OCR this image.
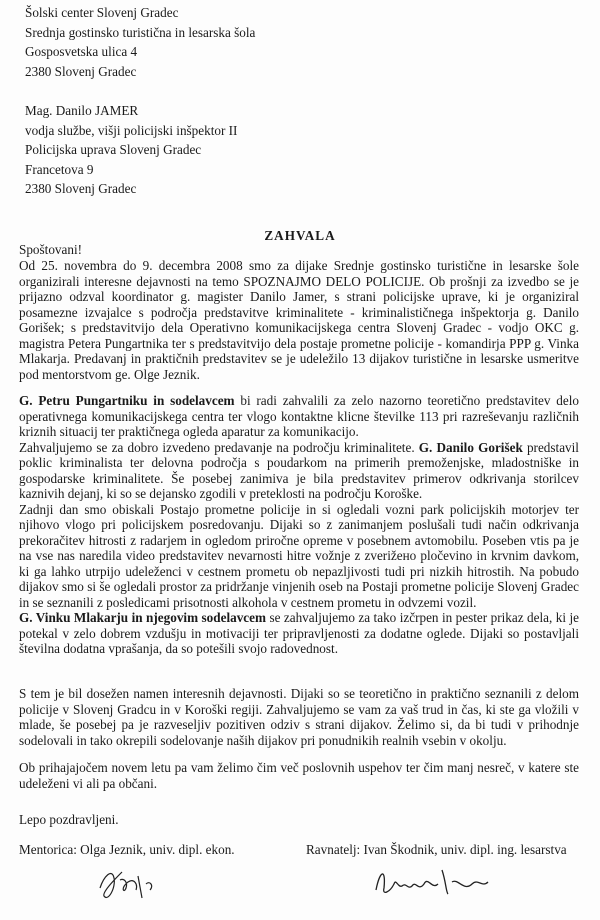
Šolski center Slovenj Gradec
Srednja gostinsko turistična in lesarska šola
Gosposvetska ulica 4
2380 Slovenj Gradec
Mag. Danilo JAMER
vodja službe, višji policijski inšpektor II
Policijska uprava Slovenj Gradec
Francetova 9
2380 Slovenj Gradec
ZAHVALA
Spoštovani!

Od 25. novembra do 9. decembra 2008 smo za dijake Srednje gostinsko turistične in lesarske šole organizirali interesne dejavnosti na temo SPOZNAJMO DELO POLICIJE. Ob prošnji za izvedbo se je prijazno odzval koordinator g. magister Danilo Jamer, s strani policijske uprave, ki je organiziral posamezne izvajalce s področja predstavitve kriminalitete - kriminalističnega inšpektorja g. Danilo Gorišek; s predstavitvijo dela Operativno komunikacijskega centra Slovenj Gradec - vodjo OKC g. magistra Petera Pungartnika ter s predstavitvijo dela postaje prometne policije - komandirja PPP g. Vinka Mlakarja. Predavanj in praktičnih predstavitev se je udeležilo 13 dijakov turistične in lesarske usmeritve pod mentorstvom ge. Olge Jeznik.

G. Petru Pungartniku in sodelavcem bi radi zahvalili za zelo nazorno teoretično predstavitev delo operativnega komunikacijskega centra ter vlogo kontaktne klicne številke 113 pri razreševanju različnih kriznih situacij ter praktičnega ogleda aparatur za komunikacijo.

Zahvaljujemo se za dobro izvedeno predavanje na področju kriminalitete. G. Danilo Gorišek predstavil poklic kriminalista ter delovna področja s poudarkom na primerih premoženjske, mladostniške in gospodarske kriminalitete. Še posebej zanimiva je bila predstavitev primerov odkrivanja storilcev kaznivih dejanj, ki so se dejansko zgodili v preteklosti na področju Koroške.

Zadnji dan smo obiskali Postajo prometne policije in si ogledali vozni park policijskih motorjev ter njihovo vlogo pri policijskem posredovanju. Dijaki so z zanimanjem poslušali tudi način odkrivanja prekoračitev hitrosti z radarjem in ogledom priročne opreme v posebnem avtomobilu. Poseben vtis pa je na vse nas naredila video predstavitev nevarnosti hitre vožnje z zverižено pločevino in krvnim davkom, ki ga lahko utrpijo udeleženci v cestnem prometu ob nepazljivosti tudi pri nizkih hitrostih. Na pobudo dijakov smo si še ogledali prostor za pridržanje vinjenih oseb na Postaji prometne policije Slovenj Gradec in se seznanili z posledicami prisotnosti alkohola v cestnem prometu in odvzemi vozil.

G. Vinku Mlakarju in njegovim sodelavcem se zahvaljujemo za tako izčrpen in pester prikaz dela, ki je potekal v zelo dobrem vzdušju in motivaciji ter pripravljenosti za dodatne oglede. Dijaki so postavljali številna dodatna vprašanja, da so potešili svojo radovednost.

S tem je bil dosežen namen interesnih dejavnosti. Dijaki so se teoretično in praktično seznanili z delom policije v Slovenj Gradcu in v Koroški regiji. Zahvaljujemo se vam za vaš trud in čas, ki ste ga vložili v mlade, še posebej pa je razveseljiv pozitiven odziv s strani dijakov. Želimo si, da bi tudi v prihodnje sodelovali in tako okrepili sodelovanje naših dijakov pri ponudnikih realnih vsebin v okolju.

Ob prihajajočem novem letu pa vam želimo čim več poslovnih uspehov ter čim manj nesreč, v katere ste udeleženi vi ali pa občani.

Lepo pozdravljeni.
Mentorica: Olga Jeznik, univ. dipl. ekon.	Ravnatelj: Ivan Škodnik, univ. dipl. ing. lesarstva
